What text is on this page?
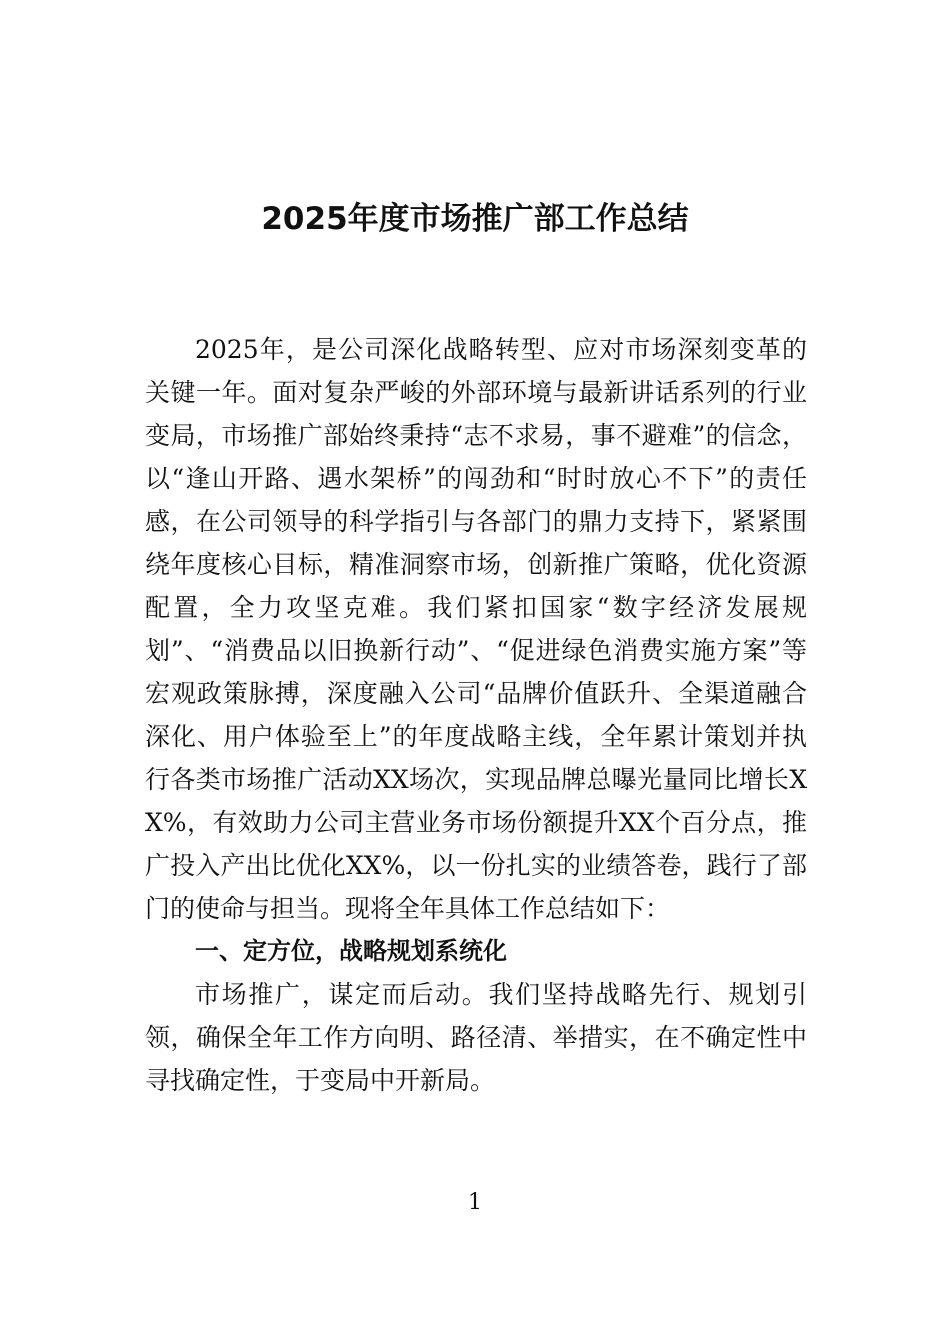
2025年度市场推广部工作总结

2025年，是公司深化战略转型、应对市场深刻变革的关键一年。面对复杂严峻的外部环境与最新讲话系列的行业变局，市场推广部始终秉持“志不求易，事不避难”的信念，以“逢山开路、遇水架桥”的闯劲和“时时放心不下”的责任感，在公司领导的科学指引与各部门的鼎力支持下，紧紧围绕年度核心目标，精准洞察市场，创新推广策略，优化资源配置，全力攻坚克难。我们紧扣国家“数字经济发展规划”、“消费品以旧换新行动”、“促进绿色消费实施方案”等宏观政策脉搏，深度融入公司“品牌价值跃升、全渠道融合深化、用户体验至上”的年度战略主线，全年累计策划并执行各类市场推广活动XX场次，实现品牌总曝光量同比增长XX%，有效助力公司主营业务市场份额提升XX个百分点，推广投入产出比优化XX%，以一份扎实的业绩答卷，践行了部门的使命与担当。现将全年具体工作总结如下：

一、定方位，战略规划系统化

市场推广，谋定而后动。我们坚持战略先行、规划引领，确保全年工作方向明、路径清、举措实，在不确定性中寻找确定性，于变局中开新局。

1
